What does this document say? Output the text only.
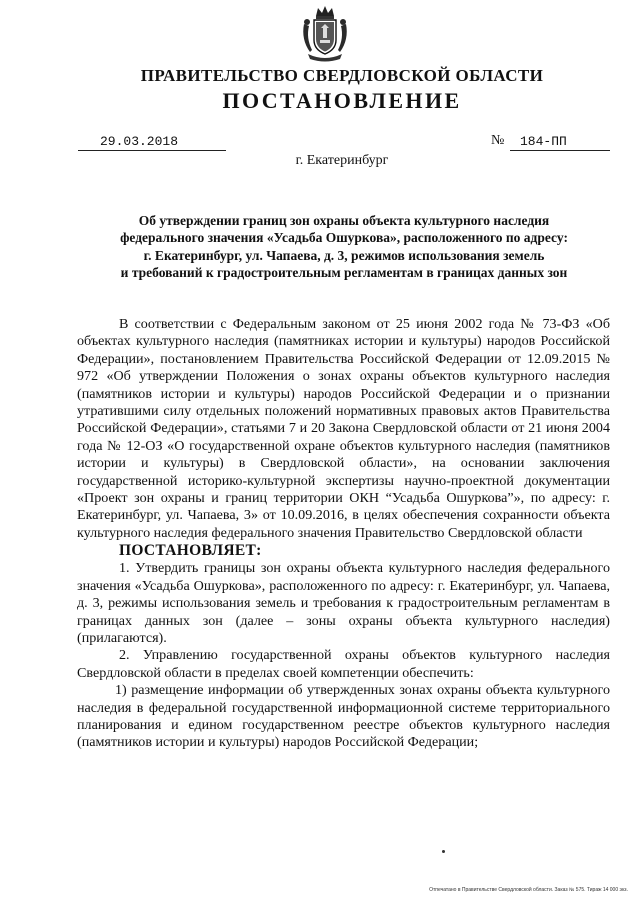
ПРАВИТЕЛЬСТВО СВЕРДЛОВСКОЙ ОБЛАСТИ
ПОСТАНОВЛЕНИЕ
29.03.2018	№ 184-ПП
г. Екатеринбург
Об утверждении границ зон охраны объекта культурного наследия
федерального значения «Усадьба Ошуркова», расположенного по адресу:
г. Екатеринбург, ул. Чапаева, д. 3, режимов использования земель
и требований к градостроительным регламентам в границах данных зон

В соответствии с Федеральным законом от 25 июня 2002 года № 73-ФЗ «Об объектах культурного наследия (памятниках истории и культуры) народов Российской Федерации», постановлением Правительства Российской Федерации от 12.09.2015 № 972 «Об утверждении Положения о зонах охраны объектов культурного наследия (памятников истории и культуры) народов Российской Федерации и о признании утратившими силу отдельных положений нормативных правовых актов Правительства Российской Федерации», статьями 7 и 20 Закона Свердловской области от 21 июня 2004 года № 12-ОЗ «О государственной охране объектов культурного наследия (памятников истории и культуры) в Свердловской области», на основании заключения государственной историко-культурной экспертизы научно-проектной документации «Проект зон охраны и границ территории ОКН “Усадьба Ошуркова”», по адресу: г. Екатеринбург, ул. Чапаева, 3» от 10.09.2016, в целях обеспечения сохранности объекта культурного наследия федерального значения Правительство Свердловской области

ПОСТАНОВЛЯЕТ:

1. Утвердить границы зон охраны объекта культурного наследия федерального значения «Усадьба Ошуркова», расположенного по адресу: г. Екатеринбург, ул. Чапаева, д. 3, режимы использования земель и требования к градостроительным регламентам в границах данных зон (далее – зоны охраны объекта культурного наследия) (прилагаются).

2. Управлению государственной охраны объектов культурного наследия Свердловской области в пределах своей компетенции обеспечить:

1) размещение информации об утвержденных зонах охраны объекта культурного наследия в федеральной государственной информационной системе территориального планирования и едином государственном реестре объектов культурного наследия (памятников истории и культуры) народов Российской Федерации;

Отпечатано в Правительстве Свердловской области. Заказ № 575. Тираж 14 000 экз.
